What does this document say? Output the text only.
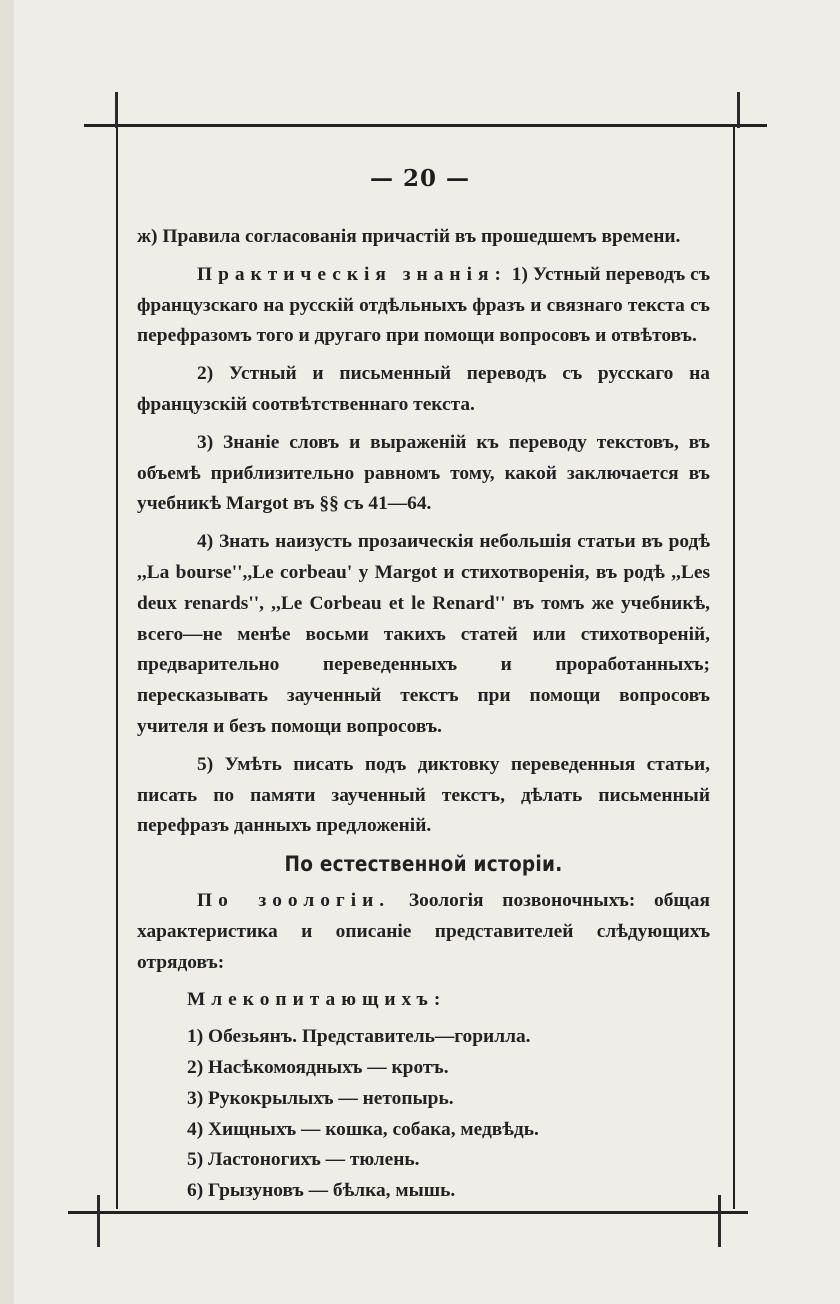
— 20 —

ж) Правила согласованія причастій въ прошедшемъ времени.

Практическія знанія: 1) Устный переводъ съ французскаго на русскій отдѣльныхъ фразъ и связнаго текста съ перефразомъ того и другаго при помощи вопросовъ и отвѣтовъ.

2) Устный и письменный переводъ съ русскаго на французскій соотвѣтственнаго текста.

3) Знаніе словъ и выраженій къ переводу текстовъ, въ объемѣ приблизительно равномъ тому, какой заключается въ учебникѣ Margot въ §§ съ 41—64.

4) Знать наизусть прозаическія небольшія статьи въ родѣ ,,La bourse'',,Le corbeau' у Margot и стихотворенія, въ родѣ ,,Les deux renards'', ,,Le Corbeau et le Renard'' въ томъ же учебникѣ, всего—не менѣе восьми такихъ статей или стихотвореній, предварительно переведенныхъ и проработанныхъ; пересказывать заученный текстъ при помощи вопросовъ учителя и безъ помощи вопросовъ.

5) Умѣть писать подъ диктовку переведенныя статьи, писать по памяти заученный текстъ, дѣлать письменный перефразъ данныхъ предложеній.

По естественной исторіи.

По зоологіи. Зоологія позвоночныхъ: общая характеристика и описаніе представителей слѣдующихъ отрядовъ:

Млекопитающихъ:
1) Обезьянъ. Представитель—горилла.
2) Насѣкомоядныхъ — кротъ.
3) Рукокрылыхъ — нетопырь.
4) Хищныхъ — кошка, собака, медвѣдь.
5) Ластоногихъ — тюлень.
6) Грызуновъ — бѣлка, мышь.
